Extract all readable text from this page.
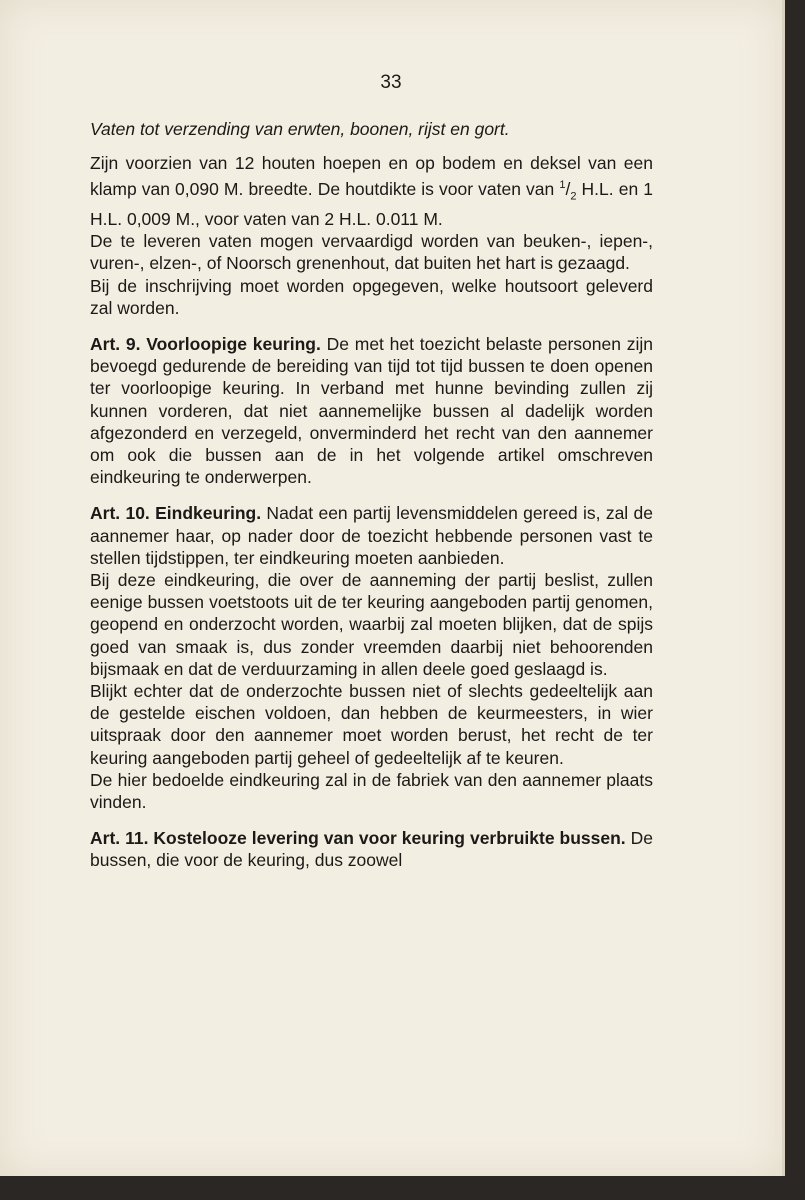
33
Vaten tot verzending van erwten, boonen, rijst en gort.

Zijn voorzien van 12 houten hoepen en op bodem en deksel van een klamp van 0,090 M. breedte. De houtdikte is voor vaten van $^1/_2$ H.L. en 1 H.L. 0,009 M., voor vaten van 2 H.L. 0.011 M.

De te leveren vaten mogen vervaardigd worden van beuken-, iepen-, vuren-, elzen-, of Noorsch grenenhout, dat buiten het hart is gezaagd.

Bij de inschrijving moet worden opgegeven, welke houtsoort geleverd zal worden.

Art. 9. Voorloopige keuring. De met het toezicht belaste personen zijn bevoegd gedurende de bereiding van tijd tot tijd bussen te doen openen ter voorloopige keuring. In verband met hunne bevinding zullen zij kunnen vorderen, dat niet aannemelijke bussen al dadelijk worden afgezonderd en verzegeld, onverminderd het recht van den aannemer om ook die bussen aan de in het volgende artikel omschreven eindkeuring te onderwerpen.

Art. 10. Eindkeuring. Nadat een partij levensmiddelen gereed is, zal de aannemer haar, op nader door de toezicht hebbende personen vast te stellen tijdstippen, ter eindkeuring moeten aanbieden.

Bij deze eindkeuring, die over de aanneming der partij beslist, zullen eenige bussen voetstoots uit de ter keuring aangeboden partij genomen, geopend en onderzocht worden, waarbij zal moeten blijken, dat de spijs goed van smaak is, dus zonder vreemden daarbij niet behoorenden bijsmaak en dat de verduurzaming in allen deele goed geslaagd is.

Blijkt echter dat de onderzochte bussen niet of slechts gedeeltelijk aan de gestelde eischen voldoen, dan hebben de keurmeesters, in wier uitspraak door den aannemer moet worden berust, het recht de ter keuring aangeboden partij geheel of gedeeltelijk af te keuren.

De hier bedoelde eindkeuring zal in de fabriek van den aannemer plaats vinden.

Art. 11. Kostelooze levering van voor keuring verbruikte bussen. De bussen, die voor de keuring, dus zoowel
